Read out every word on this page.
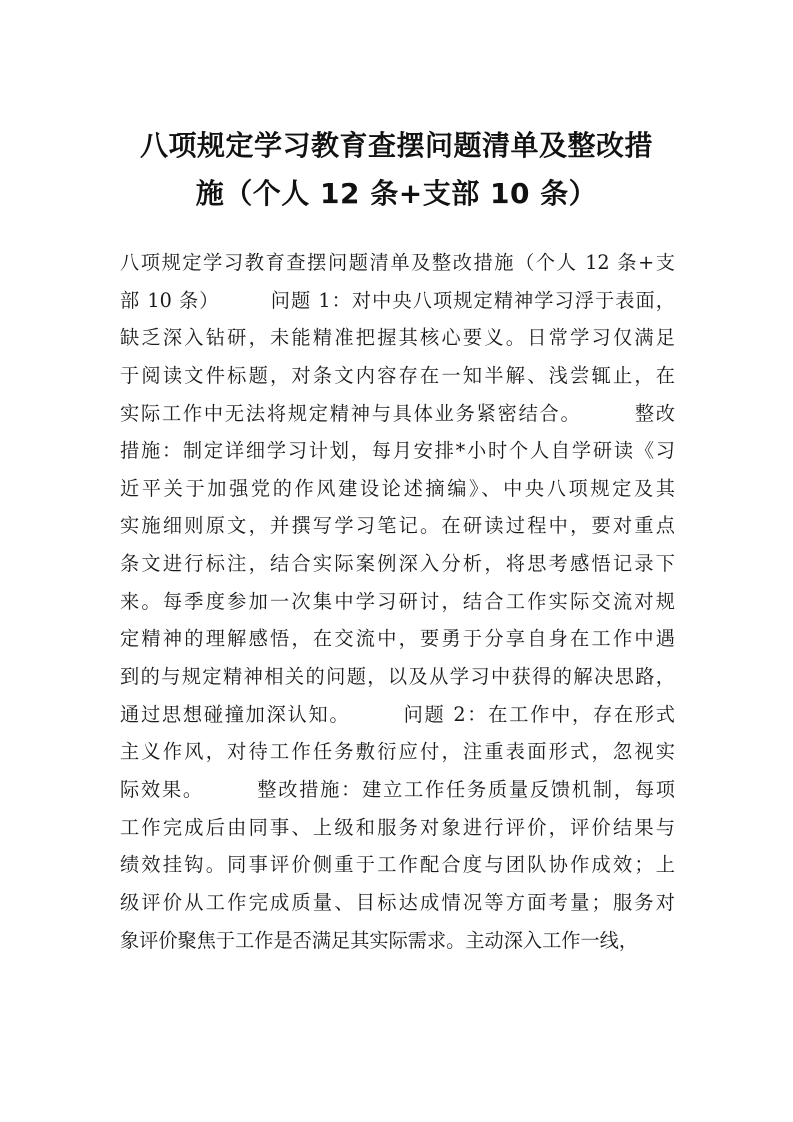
八项规定学习教育查摆问题清单及整改措
施（个人 12 条+支部 10 条）
八项规定学习教育查摆问题清单及整改措施（个人 12 条+支
部 10 条）　　　问题 1：对中央八项规定精神学习浮于表面，
缺乏深入钻研，未能精准把握其核心要义。日常学习仅满足
于阅读文件标题，对条文内容存在一知半解、浅尝辄止，在
实际工作中无法将规定精神与具体业务紧密结合。　　　整改
措施：制定详细学习计划，每月安排*小时个人自学研读《习
近平关于加强党的作风建设论述摘编》、中央八项规定及其
实施细则原文，并撰写学习笔记。在研读过程中，要对重点
条文进行标注，结合实际案例深入分析，将思考感悟记录下
来。每季度参加一次集中学习研讨，结合工作实际交流对规
定精神的理解感悟，在交流中，要勇于分享自身在工作中遇
到的与规定精神相关的问题，以及从学习中获得的解决思路，
通过思想碰撞加深认知。　　　问题 2：在工作中，存在形式
主义作风，对待工作任务敷衍应付，注重表面形式，忽视实
际效果。　　　整改措施：建立工作任务质量反馈机制，每项
工作完成后由同事、上级和服务对象进行评价，评价结果与
绩效挂钩。同事评价侧重于工作配合度与团队协作成效；上
级评价从工作完成质量、目标达成情况等方面考量；服务对
象评价聚焦于工作是否满足其实际需求。主动深入工作一线，
